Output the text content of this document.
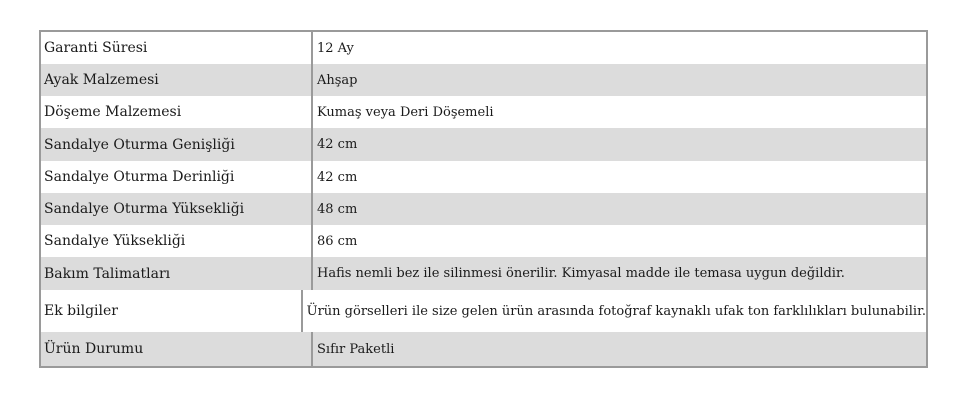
Garanti Süresi	12 Ay
Ayak Malzemesi	Ahşap
Döşeme Malzemesi	Kumaş veya Deri Döşemeli
Sandalye Oturma Genişliği	42 cm
Sandalye Oturma Derinliği	42 cm
Sandalye Oturma Yüksekliği	48 cm
Sandalye Yüksekliği	86 cm
Bakım Talimatları	Hafis nemli bez ile silinmesi önerilir. Kimyasal madde ile temasa uygun değildir.
Ek bilgiler	Ürün görselleri ile size gelen ürün arasında fotoğraf kaynaklı ufak ton farklılıkları bulunabilir.
Ürün Durumu	Sıfır Paketli
